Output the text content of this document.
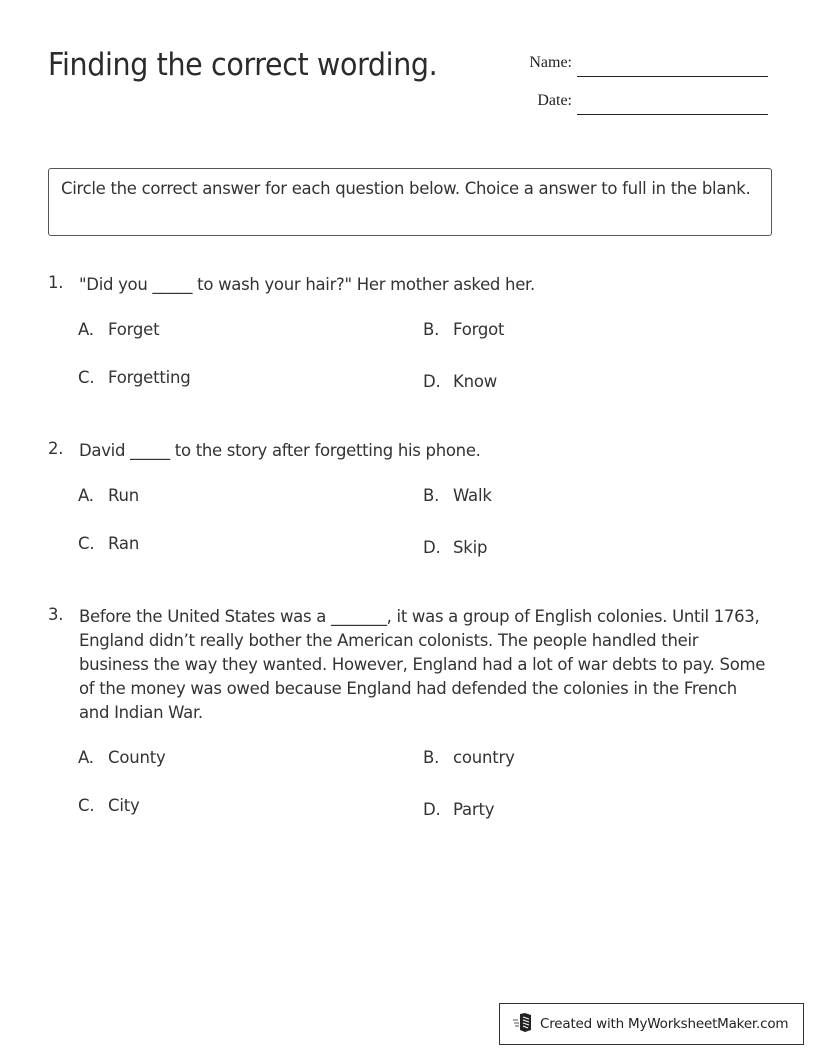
Finding the correct wording.	Name:
Date:
Circle the correct answer for each question below. Choice a answer to full in the blank.
1. "Did you _____ to wash your hair?" Her mother asked her.
A. Forget	B. Forgot
C. Forgetting	D. Know
2. David _____ to the story after forgetting his phone.
A. Run	B. Walk
C. Ran	D. Skip
3. Before the United States was a _______, it was a group of English colonies. Until 1763, England didn’t really bother the American colonists. The people handled their business the way they wanted. However, England had a lot of war debts to pay. Some of the money was owed because England had defended the colonies in the French and Indian War.
A. County	B. country
C. City	D. Party
Created with MyWorksheetMaker.com
